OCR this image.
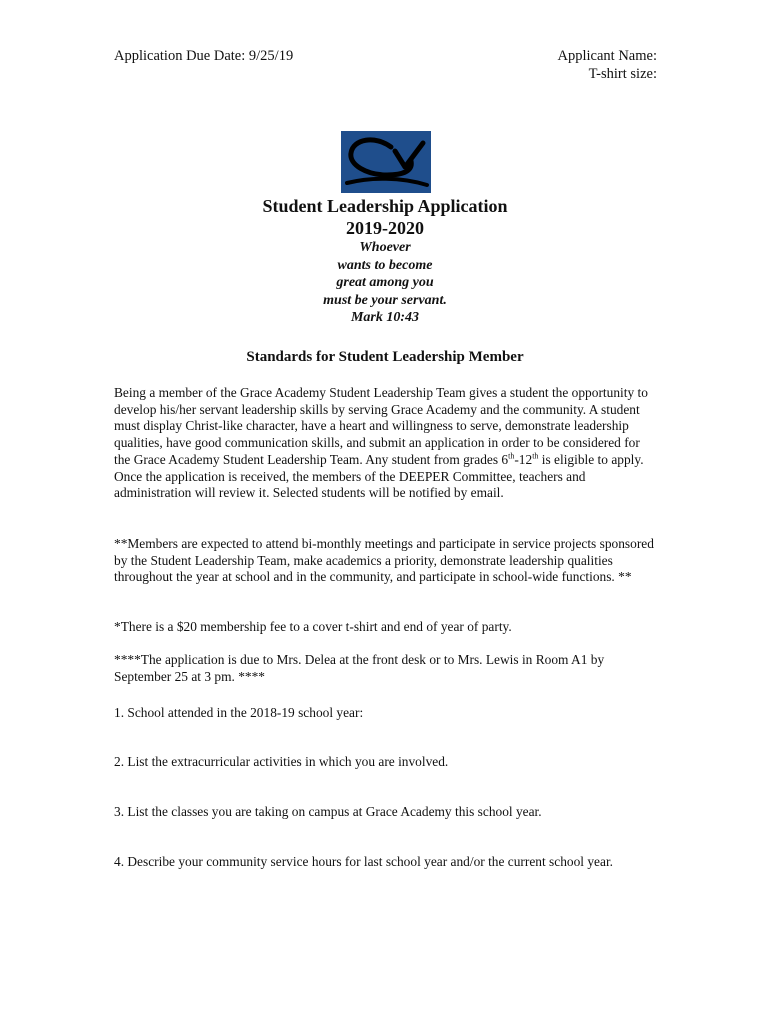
Application Due Date: 9/25/19	Applicant Name:
T-shirt size:
Student Leadership Application
2019-2020
Whoever
wants to become
great among you
must be your servant.
Mark 10:43
Standards for Student Leadership Member
Being a member of the Grace Academy Student Leadership Team gives a student the opportunity to develop his/her servant leadership skills by serving Grace Academy and the community. A student must display Christ-like character, have a heart and willingness to serve, demonstrate leadership qualities, have good communication skills, and submit an application in order to be considered for the Grace Academy Student Leadership Team. Any student from grades 6th-12th is eligible to apply. Once the application is received, the members of the DEEPER Committee, teachers and administration will review it. Selected students will be notified by email.
**Members are expected to attend bi-monthly meetings and participate in service projects sponsored by the Student Leadership Team, make academics a priority, demonstrate leadership qualities throughout the year at school and in the community, and participate in school-wide functions. **
*There is a $20 membership fee to a cover t-shirt and end of year of party.
****The application is due to Mrs. Delea at the front desk or to Mrs. Lewis in Room A1 by September 25 at 3 pm. ****
1. School attended in the 2018-19 school year:
2. List the extracurricular activities in which you are involved.
3. List the classes you are taking on campus at Grace Academy this school year.
4. Describe your community service hours for last school year and/or the current school year.
